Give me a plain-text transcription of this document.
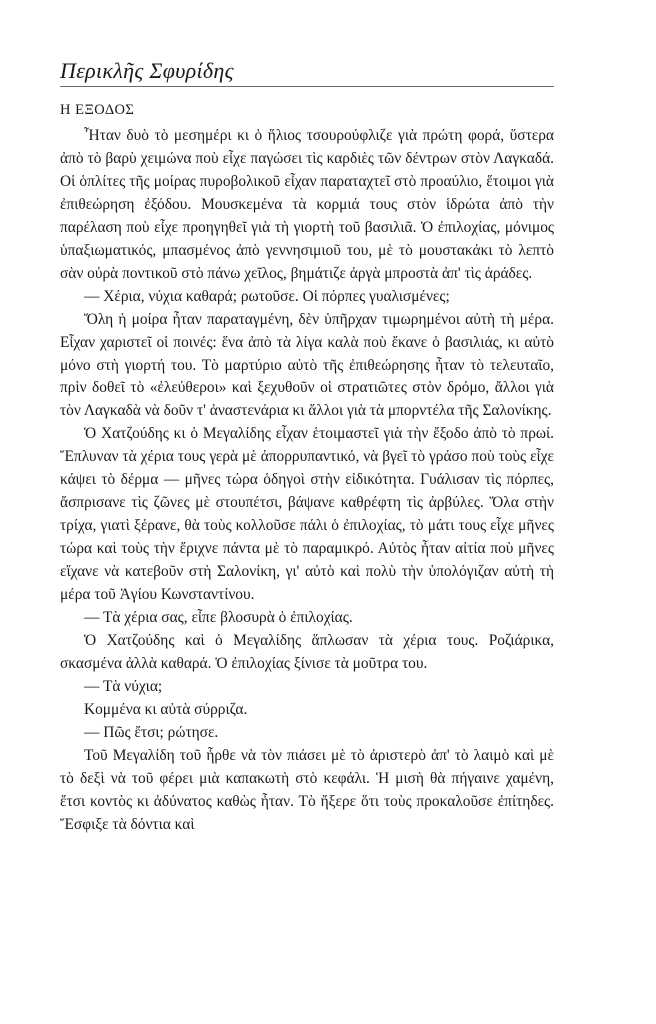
Περικλῆς Σφυρίδης

Η ΕΞΟΔΟΣ

Ἦταν δυὸ τὸ μεσημέρι κι ὁ ἥλιος τσουρούφλιζε γιὰ πρώτη φορά, ὕστερα ἀπὸ τὸ βαρὺ χειμώνα ποὺ εἶχε παγώσει τὶς καρδιὲς τῶν δέντρων στὸν Λαγκαδά. Οἱ ὁπλίτες τῆς μοίρας πυροβολικοῦ εἶχαν παραταχτεῖ στὸ προαύλιο, ἕτοιμοι γιὰ ἐπιθεώρηση ἐξόδου. Μουσκεμένα τὰ κορμιά τους στὸν ἱδρώτα ἀπὸ τὴν παρέλαση ποὺ εἶχε προηγηθεῖ γιὰ τὴ γιορτὴ τοῦ βασιλιᾶ. Ὁ ἐπιλοχίας, μόνιμος ὑπαξιωματικός, μπασμένος ἀπὸ γεννησιμιοῦ του, μὲ τὸ μουστακάκι τὸ λεπτὸ σὰν οὐρὰ ποντικοῦ στὸ πάνω χεῖλος, βημάτιζε ἀργὰ μπροστὰ ἀπ' τὶς ἀράδες.

— Χέρια, νύχια καθαρά; ρωτοῦσε. Οἱ πόρπες γυαλισμένες;

Ὅλη ἡ μοίρα ἦταν παραταγμένη, δὲν ὑπῆρχαν τιμωρημένοι αὐτὴ τὴ μέρα. Εἶχαν χαριστεῖ οἱ ποινές: ἕνα ἀπὸ τὰ λίγα καλὰ ποὺ ἔκανε ὁ βασιλιάς, κι αὐτὸ μόνο στὴ γιορτή του. Τὸ μαρτύριο αὐτὸ τῆς ἐπιθεώρησης ἦταν τὸ τελευταῖο, πρὶν δοθεῖ τὸ «ἐλεύθεροι» καὶ ξεχυθοῦν οἱ στρατιῶτες στὸν δρόμο, ἄλλοι γιὰ τὸν Λαγκαδὰ νὰ δοῦν τ' ἀναστενάρια κι ἄλλοι γιὰ τὰ μπορντέλα τῆς Σαλονίκης.

Ὁ Χατζούδης κι ὁ Μεγαλίδης εἶχαν ἑτοιμαστεῖ γιὰ τὴν ἔξοδο ἀπὸ τὸ πρωί. Ἔπλυναν τὰ χέρια τους γερὰ μὲ ἀπορρυπαντικό, νὰ βγεῖ τὸ γράσο ποὺ τοὺς εἶχε κάψει τὸ δέρμα — μῆνες τώρα ὁδηγοὶ στὴν εἰδικότητα. Γυάλισαν τὶς πόρπες, ἄσπρισανε τὶς ζῶνες μὲ στουπέτσι, βάψανε καθρέφτη τὶς ἀρβύλες. Ὅλα στὴν τρίχα, γιατὶ ξέρανε, θὰ τοὺς κολλοῦσε πάλι ὁ ἐπιλοχίας, τὸ μάτι τους εἶχε μῆνες τώρα καὶ τοὺς τὴν ἔριχνε πάντα μὲ τὸ παραμικρό. Αὐτὸς ἦταν αἰτία ποὺ μῆνες εἴχανε νὰ κατεβοῦν στὴ Σαλονίκη, γι' αὐτὸ καὶ πολὺ τὴν ὑπολόγιζαν αὐτὴ τὴ μέρα τοῦ Ἁγίου Κωνσταντίνου.

— Τὰ χέρια σας, εἶπε βλοσυρὰ ὁ ἐπιλοχίας.

Ὁ Χατζούδης καὶ ὁ Μεγαλίδης ἅπλωσαν τὰ χέρια τους. Ροζιάρικα, σκασμένα ἀλλὰ καθαρά. Ὁ ἐπιλοχίας ξίνισε τὰ μοῦτρα του.

— Τὰ νύχια;

Κομμένα κι αὐτὰ σύρριζα.

— Πῶς ἔτσι; ρώτησε.

Τοῦ Μεγαλίδη τοῦ ἦρθε νὰ τὸν πιάσει μὲ τὸ ἀριστερὸ ἀπ' τὸ λαιμὸ καὶ μὲ τὸ δεξὶ νὰ τοῦ φέρει μιὰ καπακωτὴ στὸ κεφάλι. Ἡ μισὴ θὰ πήγαινε χαμένη, ἔτσι κοντὸς κι ἀδύνατος καθὼς ἦταν. Τὸ ἤξερε ὅτι τοὺς προκαλοῦσε ἐπίτηδες. Ἔσφιξε τὰ δόντια καὶ
